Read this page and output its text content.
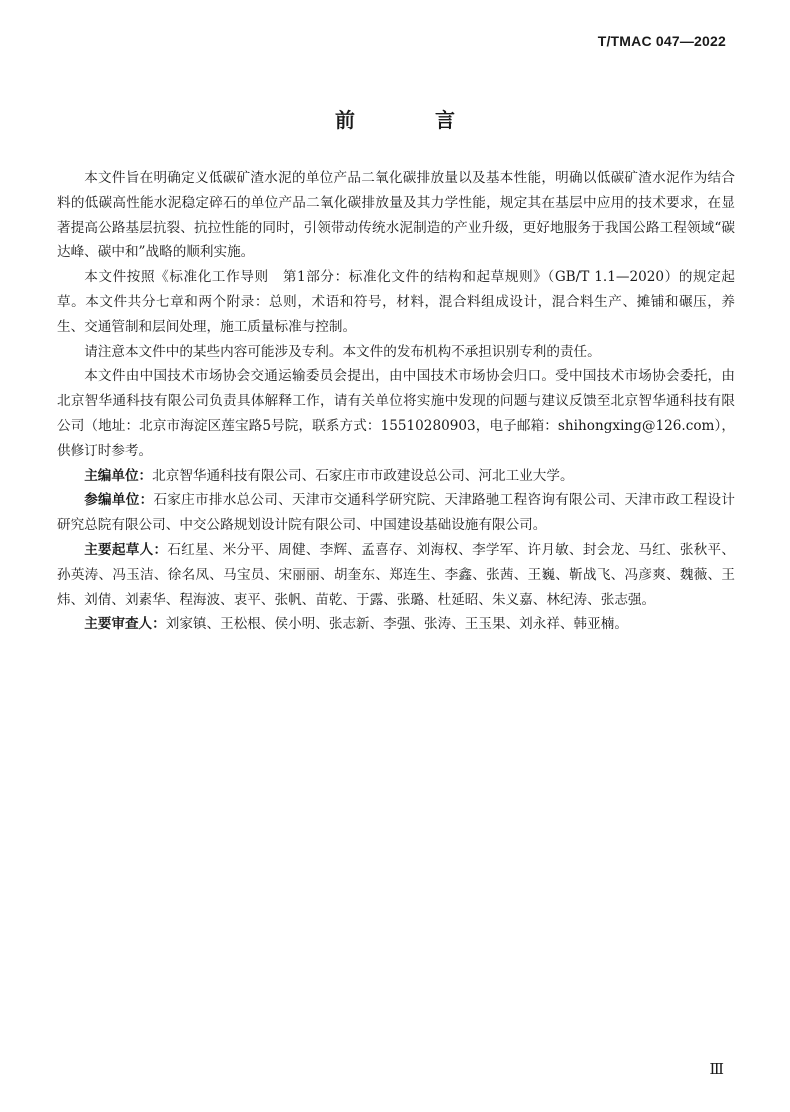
T/TMAC 047—2022
前　言

本文件旨在明确定义低碳矿渣水泥的单位产品二氧化碳排放量以及基本性能，明确以低碳矿渣水泥作为结合料的低碳高性能水泥稳定碎石的单位产品二氧化碳排放量及其力学性能，规定其在基层中应用的技术要求，在显著提高公路基层抗裂、抗拉性能的同时，引领带动传统水泥制造的产业升级，更好地服务于我国公路工程领域“碳达峰、碳中和”战略的顺利实施。

本文件按照《标准化工作导则　第1部分：标准化文件的结构和起草规则》（GB/T 1.1—2020）的规定起草。本文件共分七章和两个附录：总则，术语和符号，材料，混合料组成设计，混合料生产、摊铺和碾压，养生、交通管制和层间处理，施工质量标准与控制。

请注意本文件中的某些内容可能涉及专利。本文件的发布机构不承担识别专利的责任。

本文件由中国技术市场协会交通运输委员会提出，由中国技术市场协会归口。受中国技术市场协会委托，由北京智华通科技有限公司负责具体解释工作，请有关单位将实施中发现的问题与建议反馈至北京智华通科技有限公司（地址：北京市海淀区莲宝路5号院，联系方式：15510280903，电子邮箱：shihongxing@126.com），供修订时参考。

主编单位：北京智华通科技有限公司、石家庄市市政建设总公司、河北工业大学。

参编单位：石家庄市排水总公司、天津市交通科学研究院、天津路驰工程咨询有限公司、天津市政工程设计研究总院有限公司、中交公路规划设计院有限公司、中国建设基础设施有限公司。

主要起草人：石红星、米分平、周健、李辉、孟喜存、刘海权、李学军、许月敏、封会龙、马红、张秋平、孙英涛、冯玉洁、徐名凤、马宝员、宋丽丽、胡奎东、郑连生、李鑫、张茜、王巍、靳战飞、冯彦爽、魏薇、王炜、刘倩、刘素华、程海波、衷平、张帆、苗乾、于露、张璐、杜延昭、朱义嘉、林纪涛、张志强。

主要审查人：刘家镇、王松根、侯小明、张志新、李强、张涛、王玉果、刘永祥、韩亚楠。

Ⅲ
